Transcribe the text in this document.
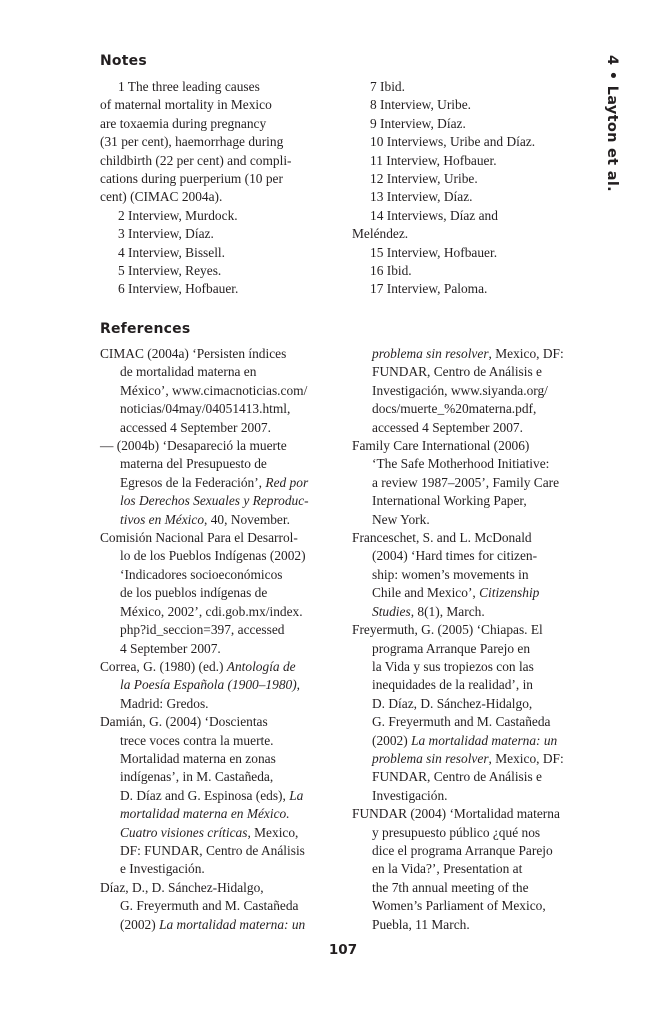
4 • Layton et al.
Notes
1 The three leading causes
of maternal mortality in Mexico
are toxaemia during pregnancy
(31 per cent), haemorrhage during
childbirth (22 per cent) and compli-
cations during puerperium (10 per
cent) (CIMAC 2004a).
2 Interview, Murdock.
3 Interview, Díaz.
4 Interview, Bissell.
5 Interview, Reyes.
6 Interview, Hofbauer.
7 Ibid.
8 Interview, Uribe.
9 Interview, Díaz.
10 Interviews, Uribe and Díaz.
11 Interview, Hofbauer.
12 Interview, Uribe.
13 Interview, Díaz.
14 Interviews, Díaz and
Meléndez.
15 Interview, Hofbauer.
16 Ibid.
17 Interview, Paloma.
References
CIMAC (2004a) ‘Persisten índices
de mortalidad materna en
México’, www.cimacnoticias.com/
noticias/04may/04051413.html,
accessed 4 September 2007.
— (2004b) ‘Desapareció la muerte
materna del Presupuesto de
Egresos de la Federación’, Red por
los Derechos Sexuales y Reproduc-
tivos en México, 40, November.
Comisión Nacional Para el Desarrol-
lo de los Pueblos Indígenas (2002)
‘Indicadores socioeconómicos
de los pueblos indígenas de
México, 2002’, cdi.gob.mx/index.
php?id_seccion=397, accessed
4 September 2007.
Correa, G. (1980) (ed.) Antología de
la Poesía Española (1900–1980),
Madrid: Gredos.
Damián, G. (2004) ‘Doscientas
trece voces contra la muerte.
Mortalidad materna en zonas
indígenas’, in M. Castañeda,
D. Díaz and G. Espinosa (eds), La
mortalidad materna en México.
Cuatro visiones críticas, Mexico,
DF: FUNDAR, Centro de Análisis
e Investigación.
Díaz, D., D. Sánchez-Hidalgo,
G. Freyermuth and M. Castañeda
(2002) La mortalidad materna: un
problema sin resolver, Mexico, DF:
FUNDAR, Centro de Análisis e
Investigación, www.siyanda.org/
docs/muerte_%20materna.pdf,
accessed 4 September 2007.
Family Care International (2006)
‘The Safe Motherhood Initiative:
a review 1987–2005’, Family Care
International Working Paper,
New York.
Franceschet, S. and L. McDonald
(2004) ‘Hard times for citizen-
ship: women’s movements in
Chile and Mexico’, Citizenship
Studies, 8(1), March.
Freyermuth, G. (2005) ‘Chiapas. El
programa Arranque Parejo en
la Vida y sus tropiezos con las
inequidades de la realidad’, in
D. Díaz, D. Sánchez-Hidalgo,
G. Freyermuth and M. Castañeda
(2002) La mortalidad materna: un
problema sin resolver, Mexico, DF:
FUNDAR, Centro de Análisis e
Investigación.
FUNDAR (2004) ‘Mortalidad materna
y presupuesto público ¿qué nos
dice el programa Arranque Parejo
en la Vida?’, Presentation at
the 7th annual meeting of the
Women’s Parliament of Mexico,
Puebla, 11 March.
107
